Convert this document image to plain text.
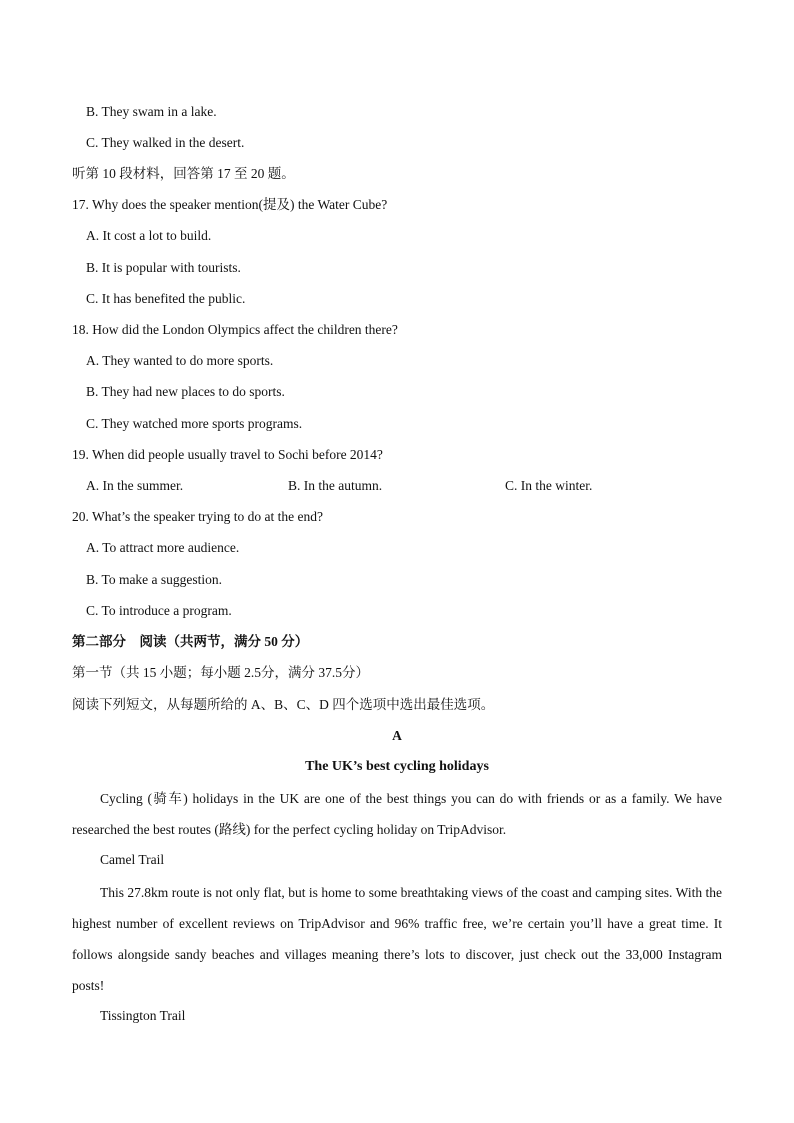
B. They swam in a lake.
C. They walked in the desert.
听第 10 段材料，回答第 17 至 20 题。
17. Why does the speaker mention(提及) the Water Cube?
A. It cost a lot to build.
B. It is popular with tourists.
C. It has benefited the public.
18. How did the London Olympics affect the children there?
A. They wanted to do more sports.
B. They had new places to do sports.
C. They watched more sports programs.
19. When did people usually travel to Sochi before 2014?
A. In the summer.	B. In the autumn.	C. In the winter.
20. What’s the speaker trying to do at the end?
A. To attract more audience.
B. To make a suggestion.
C. To introduce a program.
第二部分　阅读（共两节，满分 50 分）
第一节（共 15 小题；每小题 2.5分，满分 37.5分）
阅读下列短文，从每题所给的 A、B、C、D 四个选项中选出最佳选项。
A
The UK’s best cycling holidays
Cycling (骑车) holidays in the UK are one of the best things you can do with friends or as a family. We have researched the best routes (路线) for the perfect cycling holiday on TripAdvisor.
Camel Trail
This 27.8km route is not only flat, but is home to some breathtaking views of the coast and camping sites. With the highest number of excellent reviews on TripAdvisor and 96% traffic free, we’re certain you’ll have a great time. It follows alongside sandy beaches and villages meaning there’s lots to discover, just check out the 33,000 Instagram posts!
Tissington Trail
